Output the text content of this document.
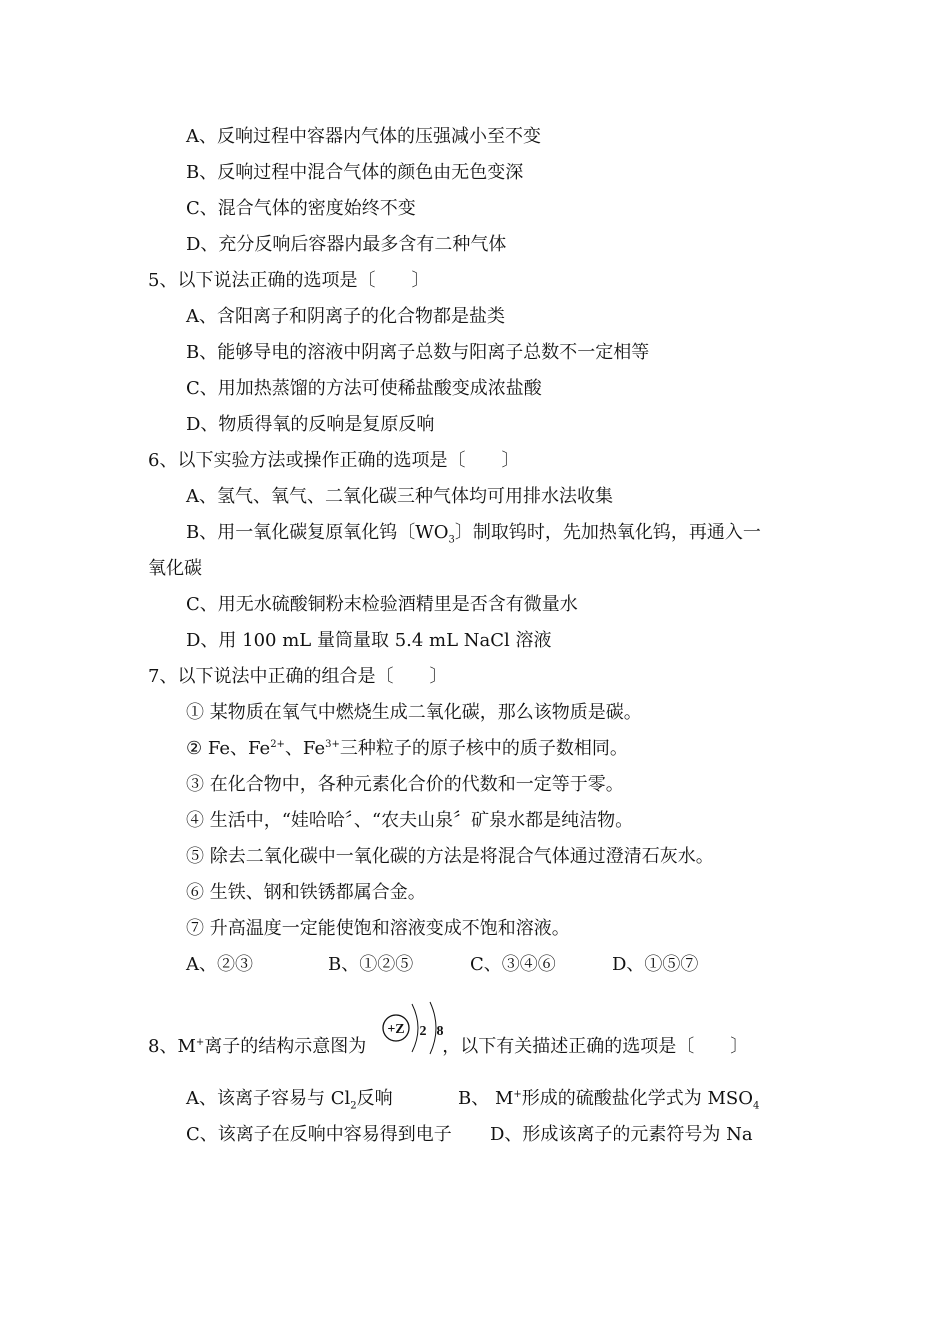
A、反响过程中容器内气体的压强减小至不变
B、反响过程中混合气体的颜色由无色变深
C、混合气体的密度始终不变
D、充分反响后容器内最多含有二种气体
5、以下说法正确的选项是〔　　〕
A、含阳离子和阴离子的化合物都是盐类
B、能够导电的溶液中阴离子总数与阳离子总数不一定相等
C、用加热蒸馏的方法可使稀盐酸变成浓盐酸
D、物质得氧的反响是复原反响
6、以下实验方法或操作正确的选项是〔　　〕
A、氢气、氧气、二氧化碳三种气体均可用排水法收集
B、用一氧化碳复原氧化钨〔$WO_3$〕制取钨时，先加热氧化钨，再通入一
氧化碳
C、用无水硫酸铜粉末检验酒精里是否含有微量水
D、用 100 mL 量筒量取 5.4 mL NaCl 溶液
7、以下说法中正确的组合是〔　　〕
① 某物质在氧气中燃烧生成二氧化碳，那么该物质是碳。
② Fe、$Fe^{2+}$、$Fe^{3+}$三种粒子的原子核中的质子数相同。
③ 在化合物中，各种元素化合价的代数和一定等于零。
④ 生活中，“娃哈哈〞、“农夫山泉〞矿泉水都是纯洁物。
⑤ 除去二氧化碳中一氧化碳的方法是将混合气体通过澄清石灰水。
⑥ 生铁、钢和铁锈都属合金。
⑦ 升高温度一定能使饱和溶液变成不饱和溶液。
A、②③	B、①②⑤	C、③④⑥	D、①⑤⑦
8、M+离子的结构示意图为	，以下有关描述正确的选项是〔　　〕
+Z 2 8
A、该离子容易与 $Cl_2$反响	B、 M+形成的硫酸盐化学式为 $MSO_4$
C、该离子在反响中容易得到电子 D、形成该离子的元素符号为 Na
